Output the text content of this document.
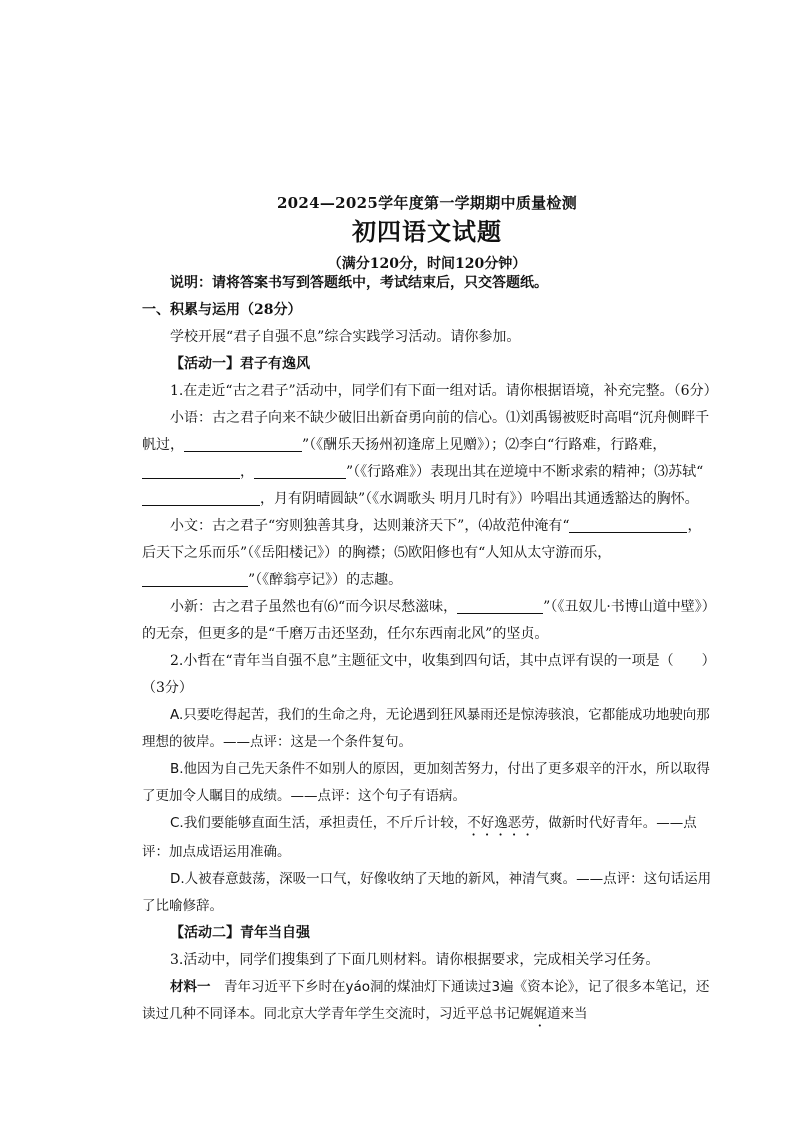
2024—2025学年度第一学期期中质量检测
初四语文试题
（满分120分，时间120分钟）

说明：请将答案书写到答题纸中，考试结束后，只交答题纸。

一、积累与运用（28分）

学校开展“君子自强不息”综合实践学习活动。请你参加。

【活动一】君子有逸风

1.在走近“古之君子”活动中，同学们有下面一组对话。请你根据语境，补充完整。（6分）

小语：古之君子向来不缺少破旧出新奋勇向前的信心。⑴刘禹锡被贬时高唱“沉舟侧畔千帆过，	”（《酬乐天扬州初逢席上见赠》）；⑵李白“行路难，行路难，，	”（《行路难》）表现出其在逆境中不断求索的精神；⑶苏轼“，月有阴晴圆缺”（《水调歌头 明月几时有》）吟唱出其通透豁达的胸怀。

小文：古之君子“穷则独善其身，达则兼济天下”，⑷故范仲淹有“	，后天下之乐而乐”（《岳阳楼记》）的胸襟；⑸欧阳修也有“人知从太守游而乐，”（《醉翁亭记》）的志趣。

小新：古之君子虽然也有⑹“而今识尽愁滋味，	”（《丑奴儿·书博山道中壁》）的无奈，但更多的是“千磨万击还坚劲，任尔东西南北风”的坚贞。

2.小哲在“青年当自强不息”主题征文中，收集到四句话，其中点评有误的一项是（　　）（3分）

A.只要吃得起苦，我们的生命之舟，无论遇到狂风暴雨还是惊涛骇浪，它都能成功地驶向那理想的彼岸。——点评：这是一个条件复句。

B.他因为自己先天条件不如别人的原因，更加刻苦努力，付出了更多艰辛的汗水，所以取得了更加令人瞩目的成绩。——点评：这个句子有语病。

C.我们要能够直面生活，承担责任，不斤斤计较，不好逸恶劳，做新时代好青年。——点评：加点成语运用准确。

D.人被春意鼓荡，深吸一口气，好像收纳了天地的新风，神清气爽。——点评：这句话运用了比喻修辞。

【活动二】青年当自强

3.活动中，同学们搜集到了下面几则材料。请你根据要求，完成相关学习任务。

材料一　青年习近平下乡时在yáo洞的煤油灯下通读过3遍《资本论》，记了很多本笔记，还读过几种不同译本。同北京大学青年学生交流时，习近平总书记娓娓道来当
